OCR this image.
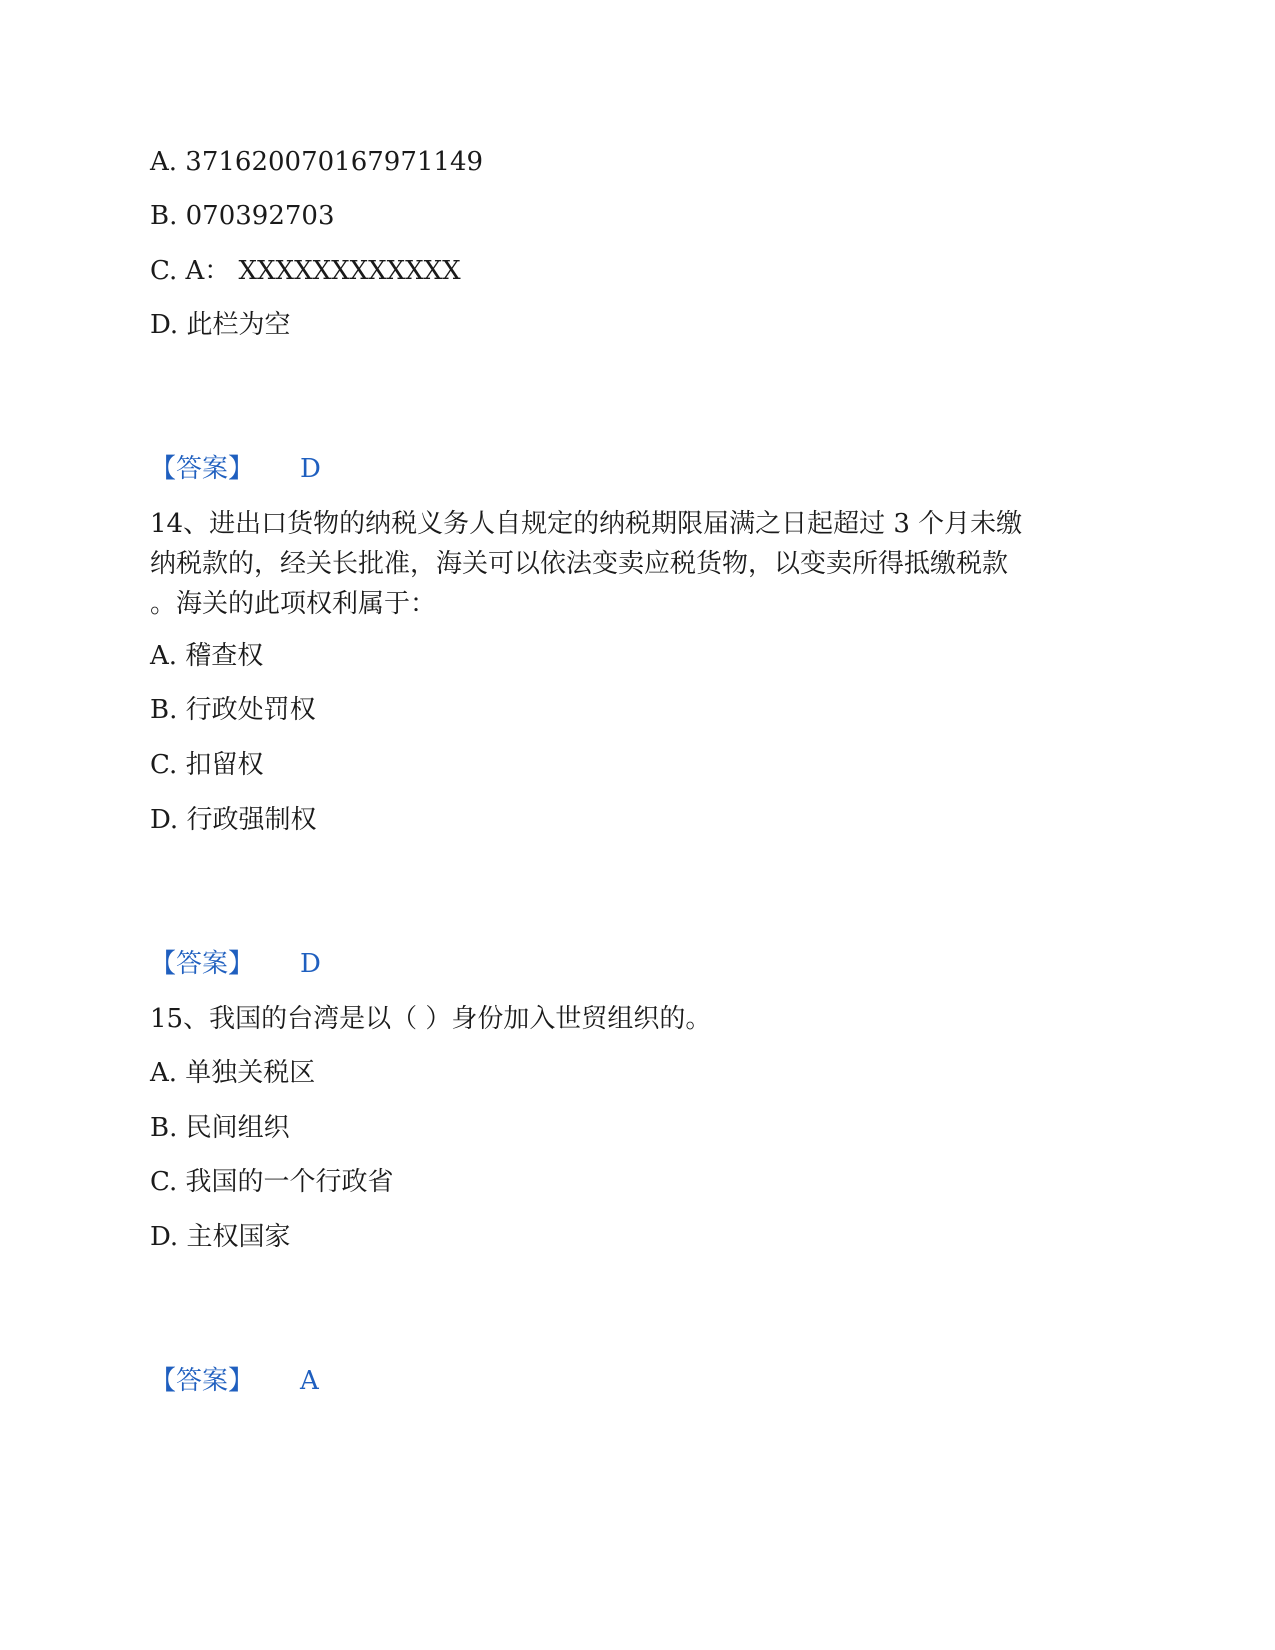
A. 371620070167971149
B. 070392703
C. A： XXXXXXXXXXXX
D. 此栏为空
【答案】 D
14、进出口货物的纳税义务人自规定的纳税期限届满之日起超过 3 个月未缴
纳税款的，经关长批准，海关可以依法变卖应税货物，以变卖所得抵缴税款
。海关的此项权利属于：
A. 稽查权
B. 行政处罚权
C. 扣留权
D. 行政强制权
【答案】 D
15、我国的台湾是以（ ）身份加入世贸组织的。
A. 单独关税区
B. 民间组织
C. 我国的一个行政省
D. 主权国家
【答案】 A
